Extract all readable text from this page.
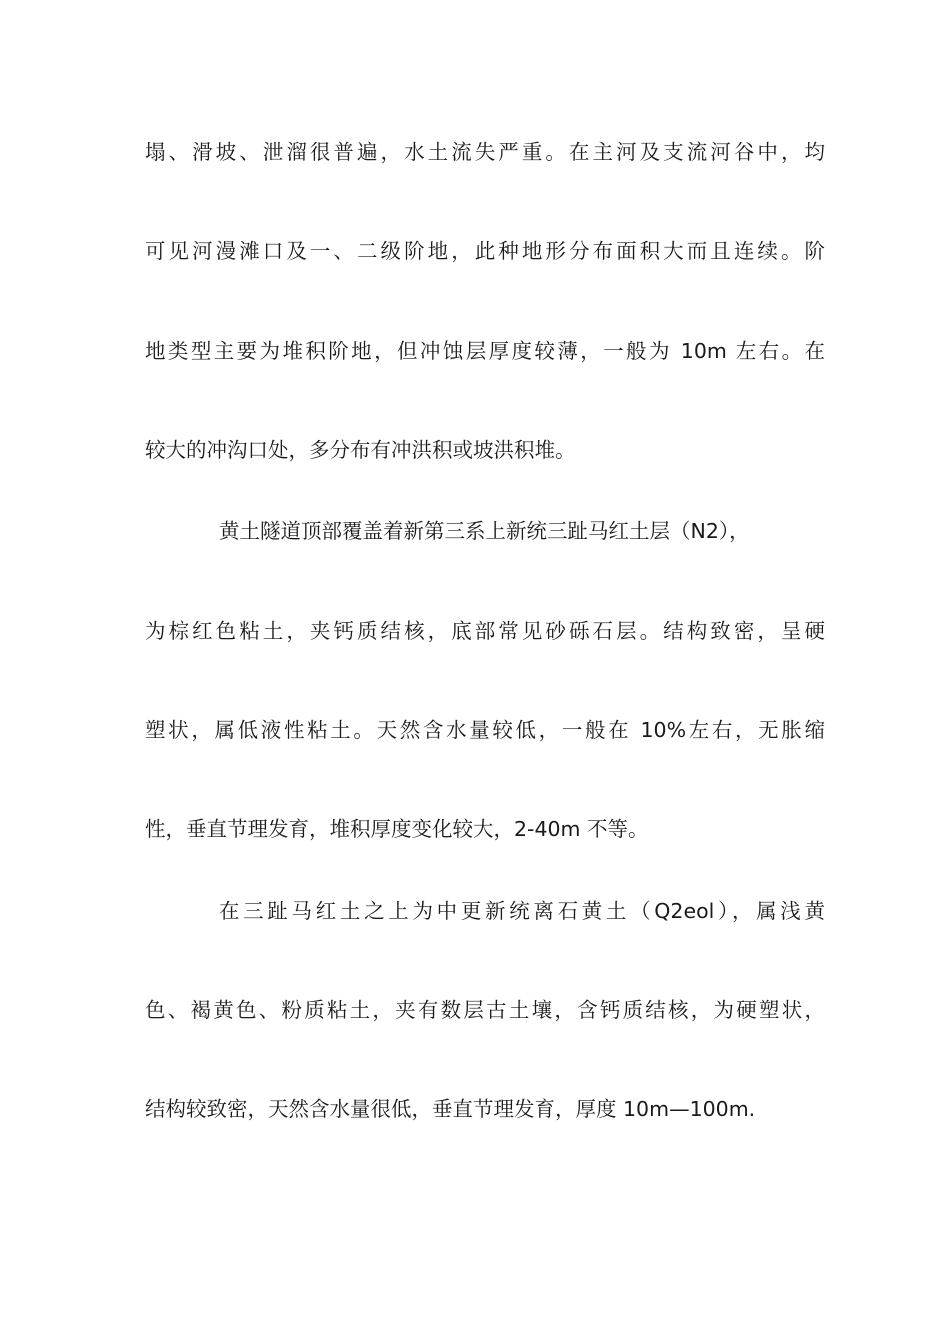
塌、滑坡、泄溜很普遍，水土流失严重。在主河及支流河谷中，均
可见河漫滩口及一、二级阶地，此种地形分布面积大而且连续。阶
地类型主要为堆积阶地，但冲蚀层厚度较薄，一般为 10m 左右。在
较大的冲沟口处，多分布有冲洪积或坡洪积堆。
黄土隧道顶部覆盖着新第三系上新统三趾马红土层（N2），
为棕红色粘土，夹钙质结核，底部常见砂砾石层。结构致密，呈硬
塑状，属低液性粘土。天然含水量较低，一般在 10%左右，无胀缩
性，垂直节理发育，堆积厚度变化较大，2-40m 不等。
在三趾马红土之上为中更新统离石黄土（Q2eol），属浅黄
色、褐黄色、粉质粘土，夹有数层古土壤，含钙质结核，为硬塑状，
结构较致密，天然含水量很低，垂直节理发育，厚度 10m—100m.
